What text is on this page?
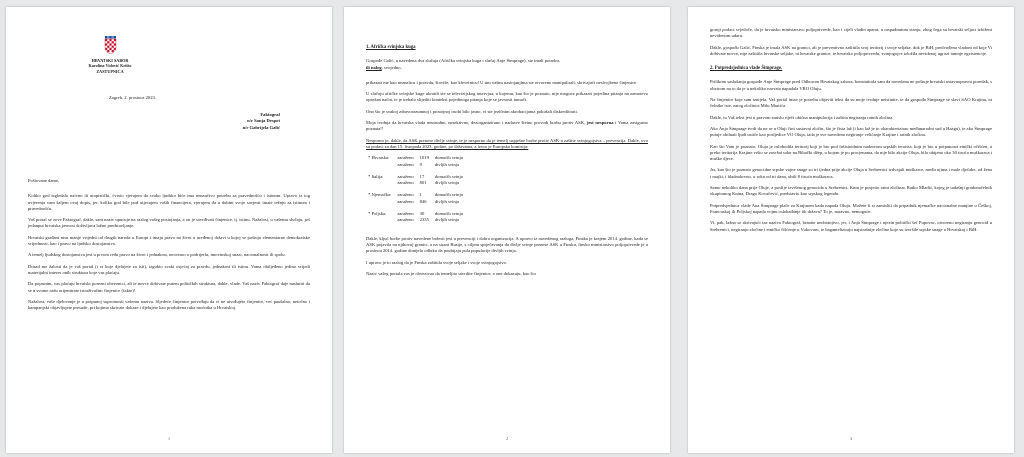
HRVATSKI SABOR
Karolina Vidović Krišto
ZASTUPNICA
Zagreb, 2. prosinca 2023.
Faktograf
n/r Sanja Despot
n/r Gabrijela Galić

Poštovane dame,

Koliko god izgledalo naivno ili utopistički, čvrsto vjerujem da svako ljudsko biće ima nenaučivo potrebu za pravednošću i istinom. Upravo iz tog uvjerenja vam šaljem ovaj dopis, jer, koliko god bile pod utjecajem vaših financijera, vjerujem da u dubini svoje savjesti imate težnju za istinom i pravednošću.

Vaš portal se zove Faktograf, dakle, sam naziv upućuje na razlog vašeg postojanja, a on je utvrđivati činjenice, tj. istinu. Nažalost, u vašemu slučaju, još jedanput hrvatska javnost doživljava lažno predstavljanje.

Hrvatski građani nisu manje vrijedni od drugih naroda u Europi i imaju pravo na život u uređenoj državi u kojoj se poštuju elementarne demokratske vrijednosti, kao i pravo na ljudsko dostojanstvo.

A temelj ljudskog dostojanstva jest u prvom redu pravo na život i jednakost, neovisno o podrijetlu, imovinskoj snazi, nacionalnosti ili spolu.

Dosad me žalosti da je vaš portal (i vi koje djelujete za isti), izgubio svaki osjećaj za pravdu, jednakost ili istinu. Vama obiljeđeno jedino vrijedi materijalni interes onih struktura koje vas plaćaju.

Da pojasnim, vas plaćaju hrvatski porezni obveznici, ali te novce dobivate putem političkih struktura, dakle, vlade. Vaš naziv Faktograf daje naslutiti da se u svome radu orijentirate istraživačim činjenice (fakte)!

Nažalost, vaše djelovanje je u potpunoj suprotnosti vašemu nazivu. Sljedeće činjenice potvrđuju da vi ne utvrđujete činjenice, već paušalno, netočno i kampanjski objavljujete presude, pri kojima skrivate dokaze i djelujete kao produžena ruka moćnika u Hrvatskoj.

1
1. Afrička svinjska kuga

Gospođe Galić, u navedena dva slučaja (Afrička svinjska kuga i slučaj Anje Šimprage), ste imali potrebu,
ili nalog, svojedno,

prikazati me kao neznalicu i potvrdu, štoviše, kao klevetnicu! U tim vašim nastojanjima ste otvoreno manipulirali, skrivajući neslvojbene činjenice.

U slučaju afričke svinjske kuge ukratili ste se televizijskog intervjua, u kojemu, kao što je poznato, nije moguće prikazati pojedina pitanja na zamotevo opsežan način, te je trebalo slijediti kontekst pojedinoga pitanja koje se javnosti tumači.

Ono što je svakoj zdravorazumnoj i pristojnoj osobi bilo jasno, vi ste jezičnim akrobacijama pokušali diskreditirati.

Moja tvrdnja da hrvatska vlada neutrudno, nesektivno, dezorganizirano i nadasve štetno provodi borbu protiv ASK, jest nesporna i Vama zasigurno poznata!!

Nesporno je, dakle, da ASK prenose divlje svinje, te je nesporno da je temelj uspješne borbe protiv ASK-a zaštite svinjogojstva – prevencija. Dakle, ovo su podaci za dan 15. listopada 2023. godine, po državama, a izvor je Europska komisija:

* Hrvatska:	zaraženo	1019	domaćih svinja
	zaraženo	9	divljih svinja

* Italija:	zaraženo	17	domaćih svinja
	zaraženo	801	divljih svinja

* Njemačka:	zaraženo	1	domaćih svinja
	zaraženo	846	divljih svinja

* Poljska:	zaraženo	30	domaćih svinja
	zaraženo	2335	divljih svinja

Dakle, ključ borbe protiv navedene bolesti jest u prevenciji i dobra organizacija. A upravo iz navedenog razloga, Finska je krajem 2014. godine, kada se ASK pojavila na njihovoj granici, a na strani Rusije, s ciljem sprječavanja da divlje svinje prenese ASK u Finsku, finsko ministarstvo poljoprivrede je u prosincu 2014. godine donijelo odluku da poubijaju pola populacije divljih svinja.

I upravo je to razlog da je Finska zaštitila svoje seljake i svoje svinjogojstvo.

Naziv vašeg portala vas je obvezivao da temeljito utvrdite činjenice, a one dokazuju, kao što

2

gornji podaci svjedoče, da je hrvatsko ministarstvo poljoprivrede, kao i cijeli vladin aparat, u raspadnutom stanju, zbog čega su hrvatski seljaci izloženi nevidenom udaru.

Dakle, gospođo Galić, Finska je imala ASK na granici, ali je preventivno zaštitila svoj teritorij i svoje seljake, dok je BiH, predvođena vladom od koje Vi dobivate novce, nije zaštitila hrvatske seljake, ni hrvatske granice, te hrvatsko poljoprivredu, svinjogojce izložila nevidenoj ugrozi tamnje egzistencije.

2. Potpredsjednica vlade Šimprage.

Prilikom saslušanja gospođe Anje Šimprage pred Odborom Hrvatskog sabora, konstatirala sam da navedena ne poštuje hrvatski ustavnopravni poredak, s obzirom na to da je u nekoliko navrata napadala VRO Oluju.

Na činjenice koje sam iznijela, Vaš portal imao je potrebu objaviti tekst da su moje tvrdnje neistinite, te da gospođa Šimprage se slavi SAO Krajinu, ni čelnike iste, zatog zločinca Milu Martića.

Dakle, tu Vaš tekst jest u pravom smislu riječi obična manipulacija i zaštita negiranja ratnih zločina.

Ako Anja Šimprage tvrdi da ne se u Oluji čini sustavni zločin, što je čista laž (i kao laž je to okarakterizirao međunarodni sud u Haagu), te ako Šimprage putuje obilnati ljudi ustiče kao posljedice VO Oluja, tada je sve navedeno negiranje veličanje Krajine i ratnih zločina.

Kao što Vam je poznato, Oluja je oslobodila teritorij koji je bio pod fašistoidnim nadzorom srpskih teroista, koji je bio u potpunosti etnički očišćen, a preko teritorija Krajine vršio se završni udar na Bihački džep, u kojem je po procjenama, da nije bilo akcije Oluja, bilo ubijeno oko 30 tisuća muškaraca i muške djece.

Jer, kao što je poznato genocidne srpske vojne snage su tri tjedna prije akcije Oluja u Srebrenici izdvajali muškarce, među njima i male dječake, od žena i majki, i hladnokrvno, u roku od tri dana, ubili 8 tisuća muškaraca.

Samo nekoliko dana prije Oluje, a poslije izvršenog genocida u Srebrenici, Knin je posjetio ratni zločinac Ratko Mladić, kojeg je tadašnji gradonačelnik okupiranog Knina, Drago Kovačević, predstavio kao srpskog legendu.

Potpredsjednica vlade Ana Šimprage plače za Krajinom kada napada Oluju. Možete li si zamisliti da pripadnik njemačke nacionalne manjine u Češkoj, Francuskoj ili Poljskoj napada vojnu oslobađanje tih država? To je, naravno, nemoguće.

Vi, pak, lažno se skrivajući iza naziva Faktograf, branite neobranjivo, jer, i Anja Šimprage i njezin politički šef Pupovac, otvoreno negiranju genocid u Srebrenici, negiranju zločine i etničko čišćenje u Vukovaru, te baganteliziraju najstrašnije zločine koje su izvršile srpske snage u Hrvatskoj i BiH.

3
